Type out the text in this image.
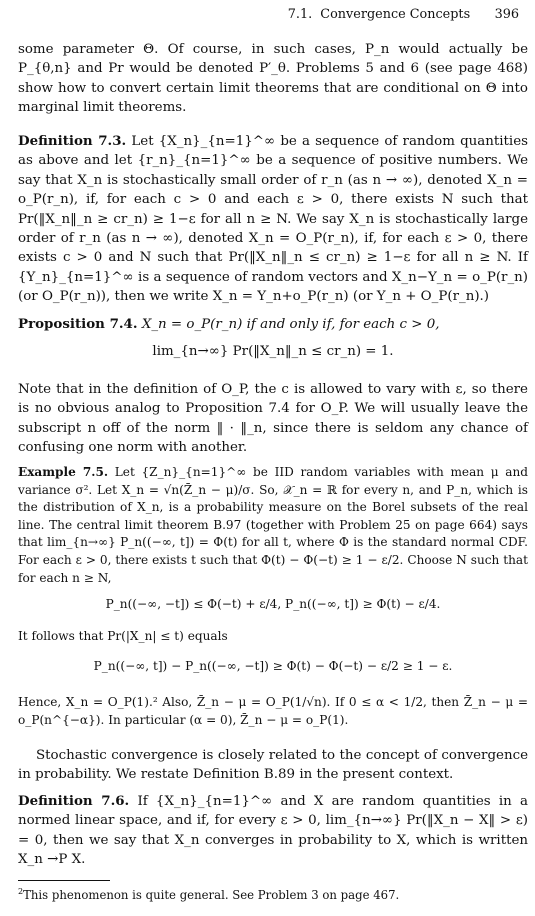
7.1.  Convergence Concepts 396
some parameter Θ. Of course, in such cases, P_n would actually be P_{θ,n} and Pr would be denoted P′_θ. Problems 5 and 6 (see page 468) show how to convert certain limit theorems that are conditional on Θ into marginal limit theorems.
Definition 7.3. Let {X_n}_{n=1}^∞ be a sequence of random quantities as above and let {r_n}_{n=1}^∞ be a sequence of positive numbers. We say that X_n is stochastically small order of r_n (as n → ∞), denoted X_n = o_P(r_n), if, for each c > 0 and each ε > 0, there exists N such that Pr(‖X_n‖_n ≥ cr_n) ≥ 1−ε for all n ≥ N. We say X_n is stochastically large order of r_n (as n → ∞), denoted X_n = O_P(r_n), if, for each ε > 0, there exists c > 0 and N such that Pr(‖X_n‖_n ≤ cr_n) ≥ 1−ε for all n ≥ N. If {Y_n}_{n=1}^∞ is a sequence of random vectors and X_n−Y_n = o_P(r_n) (or O_P(r_n)), then we write X_n = Y_n+o_P(r_n) (or Y_n + O_P(r_n).)
Proposition 7.4. X_n = o_P(r_n) if and only if, for each c > 0,
lim_{n→∞} Pr(‖X_n‖_n ≤ cr_n) = 1.
Note that in the definition of O_P, the c is allowed to vary with ε, so there is no obvious analog to Proposition 7.4 for O_P. We will usually leave the subscript n off of the norm ‖ · ‖_n, since there is seldom any chance of confusing one norm with another.
Example 7.5. Let {Z_n}_{n=1}^∞ be IID random variables with mean μ and variance σ². Let X_n = √n(Z̄_n − μ)/σ. So, 𝒳_n = ℝ for every n, and P_n, which is the distribution of X_n, is a probability measure on the Borel subsets of the real line. The central limit theorem B.97 (together with Problem 25 on page 664) says that lim_{n→∞} P_n((−∞, t]) = Φ(t) for all t, where Φ is the standard normal CDF. For each ε > 0, there exists t such that Φ(t) − Φ(−t) ≥ 1 − ε/2. Choose N such that for each n ≥ N,
P_n((−∞, −t]) ≤ Φ(−t) + ε/4, P_n((−∞, t]) ≥ Φ(t) − ε/4.
It follows that Pr(|X_n| ≤ t) equals
P_n((−∞, t]) − P_n((−∞, −t]) ≥ Φ(t) − Φ(−t) − ε/2 ≥ 1 − ε.
Hence, X_n = O_P(1).² Also, Z̄_n − μ = O_P(1/√n). If 0 ≤ α < 1/2, then Z̄_n − μ = o_P(n^{−α}). In particular (α = 0), Z̄_n − μ = o_P(1).
Stochastic convergence is closely related to the concept of convergence in probability. We restate Definition B.89 in the present context.
Definition 7.6. If {X_n}_{n=1}^∞ and X are random quantities in a normed linear space, and if, for every ε > 0, lim_{n→∞} Pr(‖X_n − X‖ > ε) = 0, then we say that X_n converges in probability to X, which is written X_n →P X.
$^2$This phenomenon is quite general. See Problem 3 on page 467.
